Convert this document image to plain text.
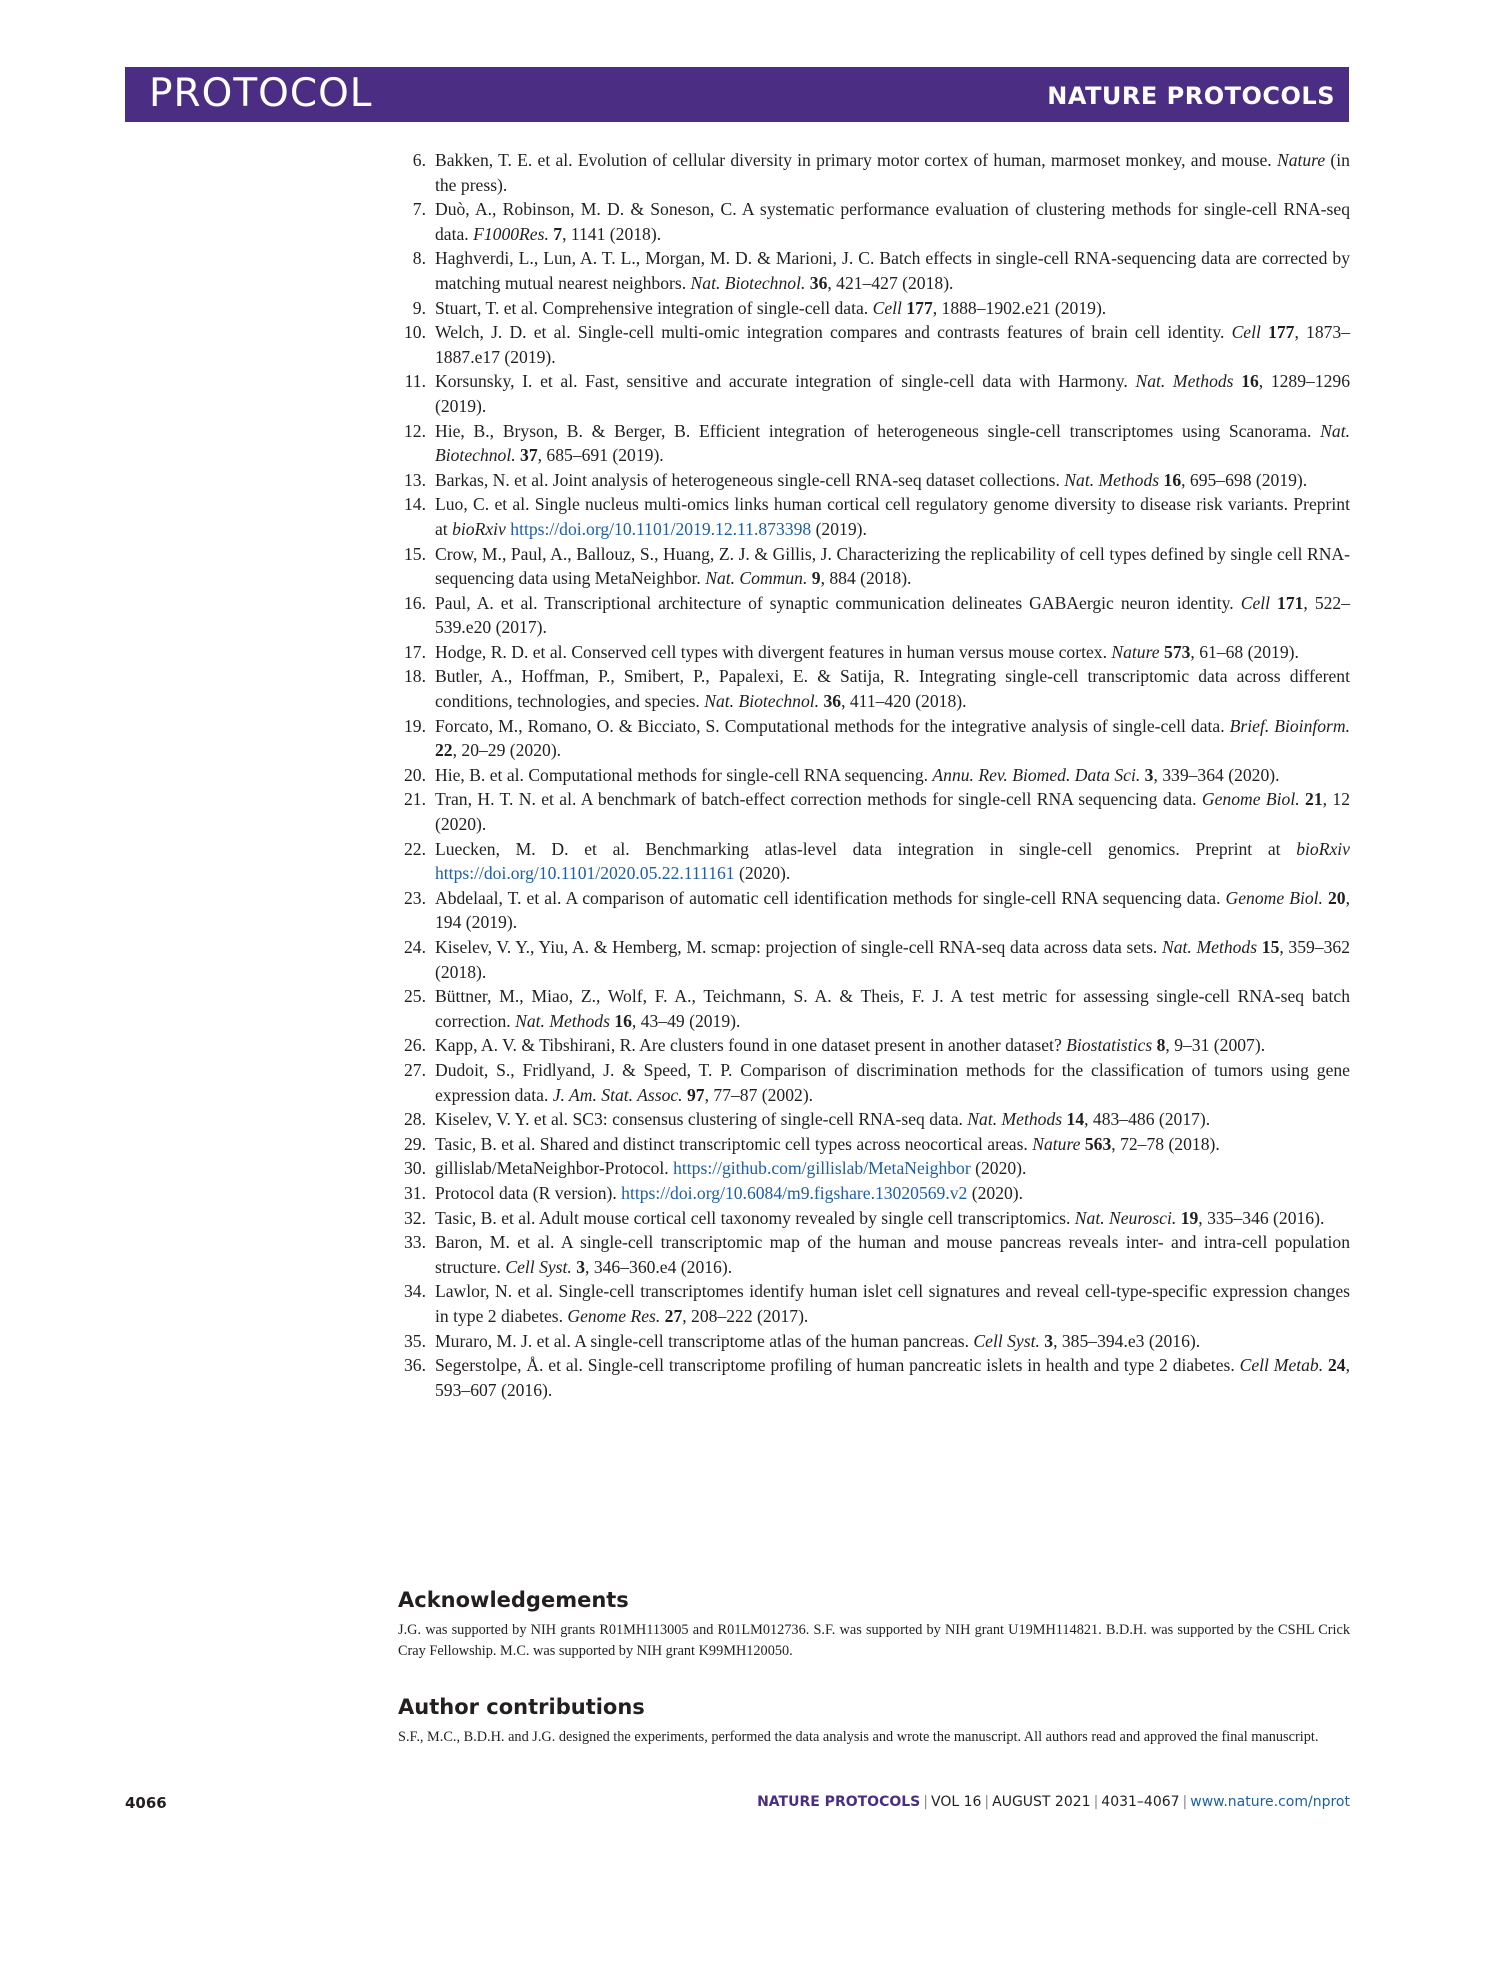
PROTOCOL	NATURE PROTOCOLS
6. Bakken, T. E. et al. Evolution of cellular diversity in primary motor cortex of human, marmoset monkey, and mouse. Nature (in the press).
7. Duò, A., Robinson, M. D. & Soneson, C. A systematic performance evaluation of clustering methods for single-cell RNA-seq data. F1000Res. 7, 1141 (2018).
8. Haghverdi, L., Lun, A. T. L., Morgan, M. D. & Marioni, J. C. Batch effects in single-cell RNA-sequencing data are corrected by matching mutual nearest neighbors. Nat. Biotechnol. 36, 421–427 (2018).
9. Stuart, T. et al. Comprehensive integration of single-cell data. Cell 177, 1888–1902.e21 (2019).
10. Welch, J. D. et al. Single-cell multi-omic integration compares and contrasts features of brain cell identity. Cell 177, 1873–1887.e17 (2019).
11. Korsunsky, I. et al. Fast, sensitive and accurate integration of single-cell data with Harmony. Nat. Methods 16, 1289–1296 (2019).
12. Hie, B., Bryson, B. & Berger, B. Efficient integration of heterogeneous single-cell transcriptomes using Scanorama. Nat. Biotechnol. 37, 685–691 (2019).
13. Barkas, N. et al. Joint analysis of heterogeneous single-cell RNA-seq dataset collections. Nat. Methods 16, 695–698 (2019).
14. Luo, C. et al. Single nucleus multi-omics links human cortical cell regulatory genome diversity to disease risk variants. Preprint at bioRxiv https://doi.org/10.1101/2019.12.11.873398 (2019).
15. Crow, M., Paul, A., Ballouz, S., Huang, Z. J. & Gillis, J. Characterizing the replicability of cell types defined by single cell RNA-sequencing data using MetaNeighbor. Nat. Commun. 9, 884 (2018).
16. Paul, A. et al. Transcriptional architecture of synaptic communication delineates GABAergic neuron identity. Cell 171, 522–539.e20 (2017).
17. Hodge, R. D. et al. Conserved cell types with divergent features in human versus mouse cortex. Nature 573, 61–68 (2019).
18. Butler, A., Hoffman, P., Smibert, P., Papalexi, E. & Satija, R. Integrating single-cell transcriptomic data across different conditions, technologies, and species. Nat. Biotechnol. 36, 411–420 (2018).
19. Forcato, M., Romano, O. & Bicciato, S. Computational methods for the integrative analysis of single-cell data. Brief. Bioinform. 22, 20–29 (2020).
20. Hie, B. et al. Computational methods for single-cell RNA sequencing. Annu. Rev. Biomed. Data Sci. 3, 339–364 (2020).
21. Tran, H. T. N. et al. A benchmark of batch-effect correction methods for single-cell RNA sequencing data. Genome Biol. 21, 12 (2020).
22. Luecken, M. D. et al. Benchmarking atlas-level data integration in single-cell genomics. Preprint at bioRxiv https://doi.org/10.1101/2020.05.22.111161 (2020).
23. Abdelaal, T. et al. A comparison of automatic cell identification methods for single-cell RNA sequencing data. Genome Biol. 20, 194 (2019).
24. Kiselev, V. Y., Yiu, A. & Hemberg, M. scmap: projection of single-cell RNA-seq data across data sets. Nat. Methods 15, 359–362 (2018).
25. Büttner, M., Miao, Z., Wolf, F. A., Teichmann, S. A. & Theis, F. J. A test metric for assessing single-cell RNA-seq batch correction. Nat. Methods 16, 43–49 (2019).
26. Kapp, A. V. & Tibshirani, R. Are clusters found in one dataset present in another dataset? Biostatistics 8, 9–31 (2007).
27. Dudoit, S., Fridlyand, J. & Speed, T. P. Comparison of discrimination methods for the classification of tumors using gene expression data. J. Am. Stat. Assoc. 97, 77–87 (2002).
28. Kiselev, V. Y. et al. SC3: consensus clustering of single-cell RNA-seq data. Nat. Methods 14, 483–486 (2017).
29. Tasic, B. et al. Shared and distinct transcriptomic cell types across neocortical areas. Nature 563, 72–78 (2018).
30. gillislab/MetaNeighbor-Protocol. https://github.com/gillislab/MetaNeighbor (2020).
31. Protocol data (R version). https://doi.org/10.6084/m9.figshare.13020569.v2 (2020).
32. Tasic, B. et al. Adult mouse cortical cell taxonomy revealed by single cell transcriptomics. Nat. Neurosci. 19, 335–346 (2016).
33. Baron, M. et al. A single-cell transcriptomic map of the human and mouse pancreas reveals inter- and intra-cell population structure. Cell Syst. 3, 346–360.e4 (2016).
34. Lawlor, N. et al. Single-cell transcriptomes identify human islet cell signatures and reveal cell-type-specific expression changes in type 2 diabetes. Genome Res. 27, 208–222 (2017).
35. Muraro, M. J. et al. A single-cell transcriptome atlas of the human pancreas. Cell Syst. 3, 385–394.e3 (2016).
36. Segerstolpe, Å. et al. Single-cell transcriptome profiling of human pancreatic islets in health and type 2 diabetes. Cell Metab. 24, 593–607 (2016).
Acknowledgements
J.G. was supported by NIH grants R01MH113005 and R01LM012736. S.F. was supported by NIH grant U19MH114821. B.D.H. was supported by the CSHL Crick Cray Fellowship. M.C. was supported by NIH grant K99MH120050.
Author contributions
S.F., M.C., B.D.H. and J.G. designed the experiments, performed the data analysis and wrote the manuscript. All authors read and approved the final manuscript.
4066	NATURE PROTOCOLS | VOL 16 | AUGUST 2021 | 4031–4067 | www.nature.com/nprot
